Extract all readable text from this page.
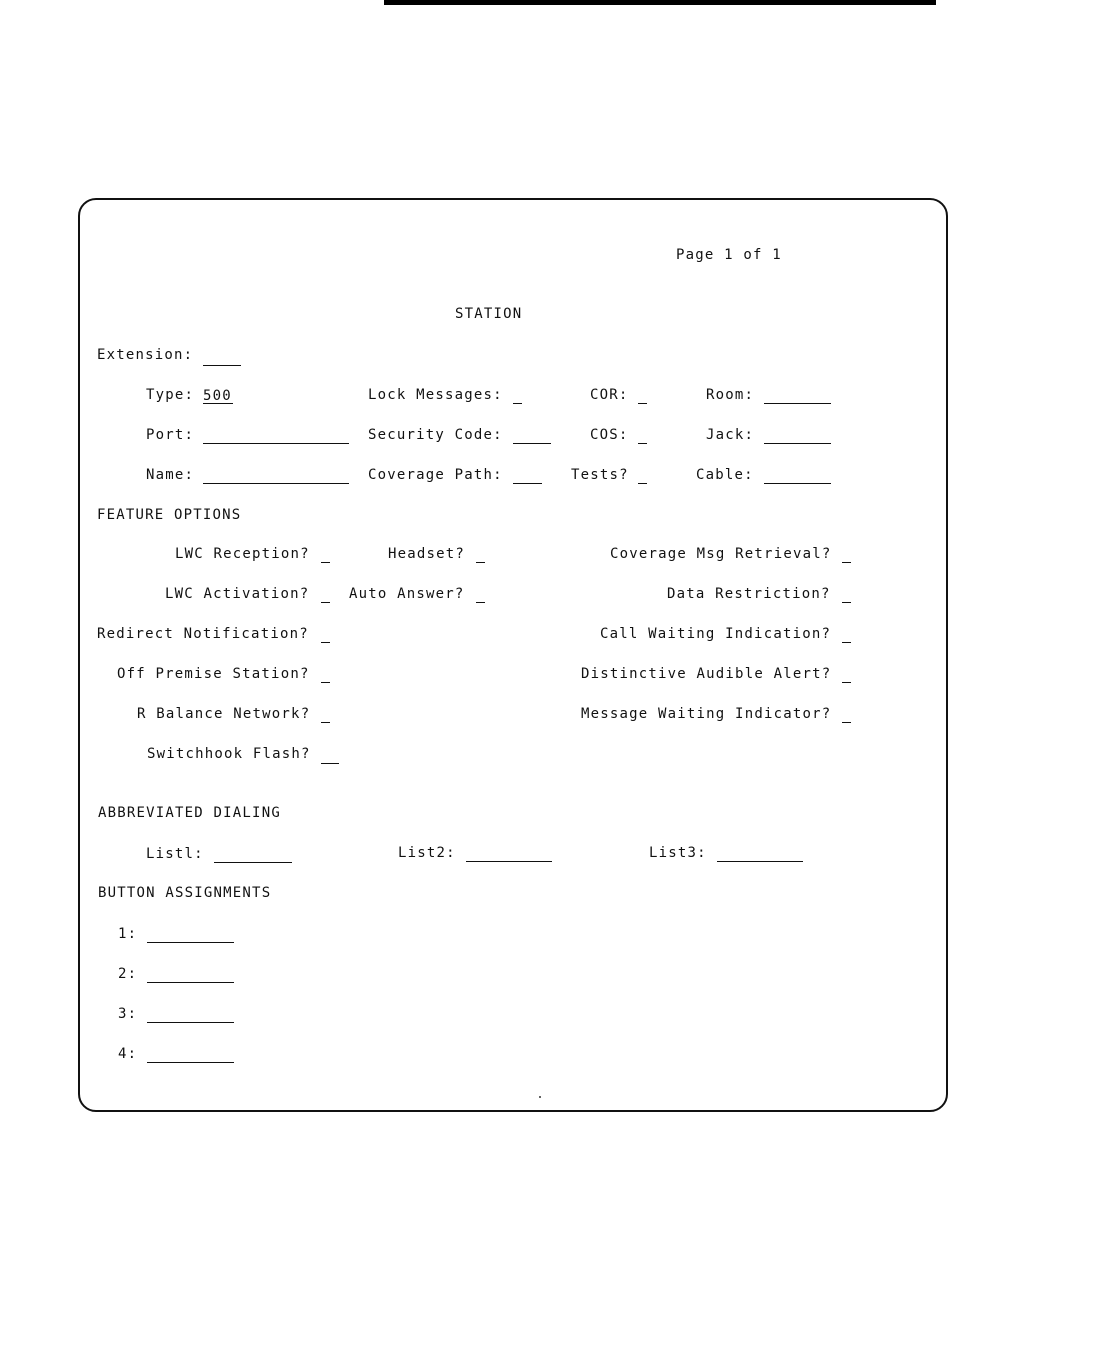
Page 1 of 1
STATION
Extension:
Type: 500	Lock Messages:	COR:	Room:
Port:	Security Code:	COS:	Jack:
Name:	Coverage Path:	Tests?	Cable:
FEATURE OPTIONS
LWC Reception?	Headset?	Coverage Msg Retrieval?
LWC Activation?	Auto Answer?	Data Restriction?
Redirect Notification?	Call Waiting Indication?
Off Premise Station?	Distinctive Audible Alert?
R Balance Network?	Message Waiting Indicator?
Switchhook Flash?
ABBREVIATED DIALING
Listl:	List2:	List3:
BUTTON ASSIGNMENTS
1:
2:
3:
4:
